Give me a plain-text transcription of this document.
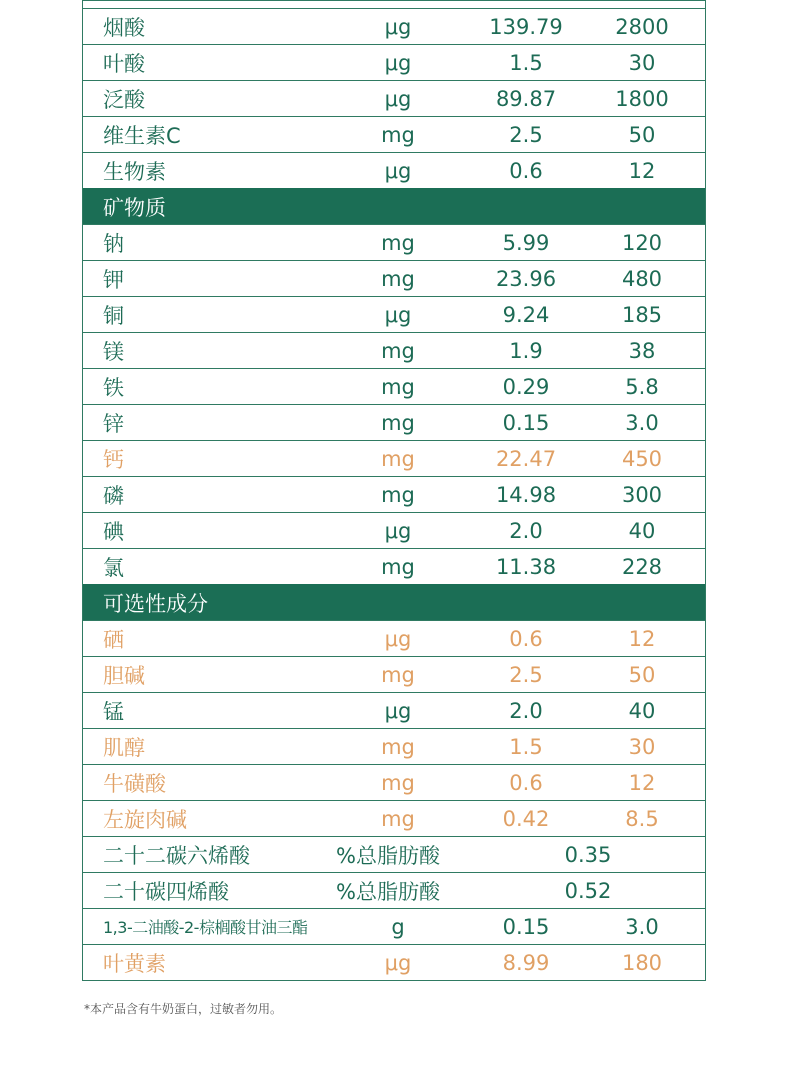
烟酸	μg	139.79	2800
叶酸	μg	1.5	30
泛酸	μg	89.87	1800
维生素C	mg	2.5	50
生物素	μg	0.6	12
矿物质
钠	mg	5.99	120
钾	mg	23.96	480
铜	μg	9.24	185
镁	mg	1.9	38
铁	mg	0.29	5.8
锌	mg	0.15	3.0
钙	mg	22.47	450
磷	mg	14.98	300
碘	μg	2.0	40
氯	mg	11.38	228
可选性成分
硒	μg	0.6	12
胆碱	mg	2.5	50
锰	μg	2.0	40
肌醇	mg	1.5	30
牛磺酸	mg	0.6	12
左旋肉碱	mg	0.42	8.5
二十二碳六烯酸	%总脂肪酸	0.35
二十碳四烯酸	%总脂肪酸	0.52
1,3-二油酸-2-棕榈酸甘油三酯	g	0.15	3.0
叶黄素	μg	8.99	180
*本产品含有牛奶蛋白，过敏者勿用。
